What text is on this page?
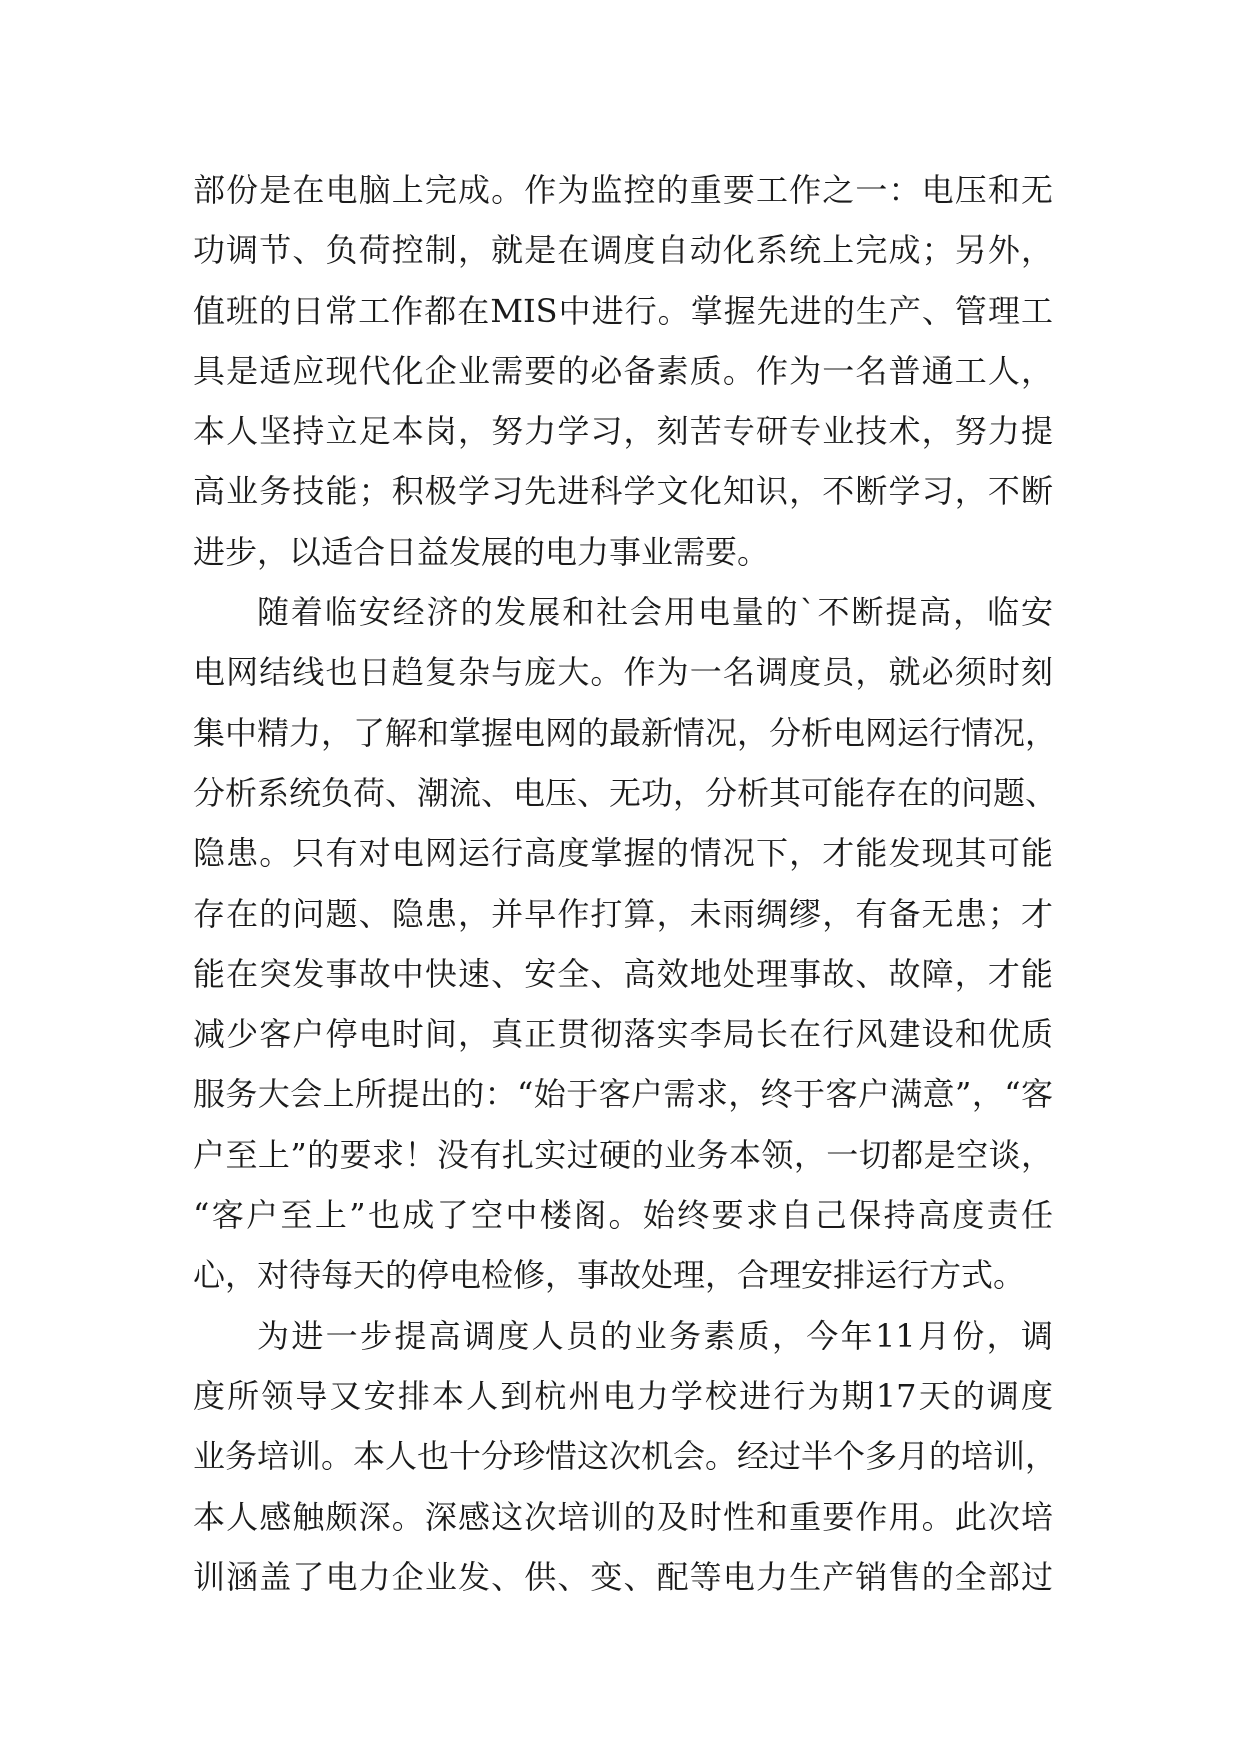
部份是在电脑上完成。作为监控的重要工作之一：电压和无
功调节、负荷控制，就是在调度自动化系统上完成；另外，
值班的日常工作都在MIS中进行。掌握先进的生产、管理工
具是适应现代化企业需要的必备素质。作为一名普通工人，
本人坚持立足本岗，努力学习，刻苦专研专业技术，努力提
高业务技能；积极学习先进科学文化知识，不断学习，不断
进步，以适合日益发展的电力事业需要。
随着临安经济的发展和社会用电量的`不断提高，临安
电网结线也日趋复杂与庞大。作为一名调度员，就必须时刻
集中精力，了解和掌握电网的最新情况，分析电网运行情况，
分析系统负荷、潮流、电压、无功，分析其可能存在的问题、
隐患。只有对电网运行高度掌握的情况下，才能发现其可能
存在的问题、隐患，并早作打算，未雨绸缪，有备无患；才
能在突发事故中快速、安全、高效地处理事故、故障，才能
减少客户停电时间，真正贯彻落实李局长在行风建设和优质
服务大会上所提出的：“始于客户需求，终于客户满意”，“客
户至上”的要求！没有扎实过硬的业务本领，一切都是空谈，
“客户至上”也成了空中楼阁。始终要求自己保持高度责任
心，对待每天的停电检修，事故处理，合理安排运行方式。
为进一步提高调度人员的业务素质，今年11月份，调
度所领导又安排本人到杭州电力学校进行为期17天的调度
业务培训。本人也十分珍惜这次机会。经过半个多月的培训，
本人感触颇深。深感这次培训的及时性和重要作用。此次培
训涵盖了电力企业发、供、变、配等电力生产销售的全部过
